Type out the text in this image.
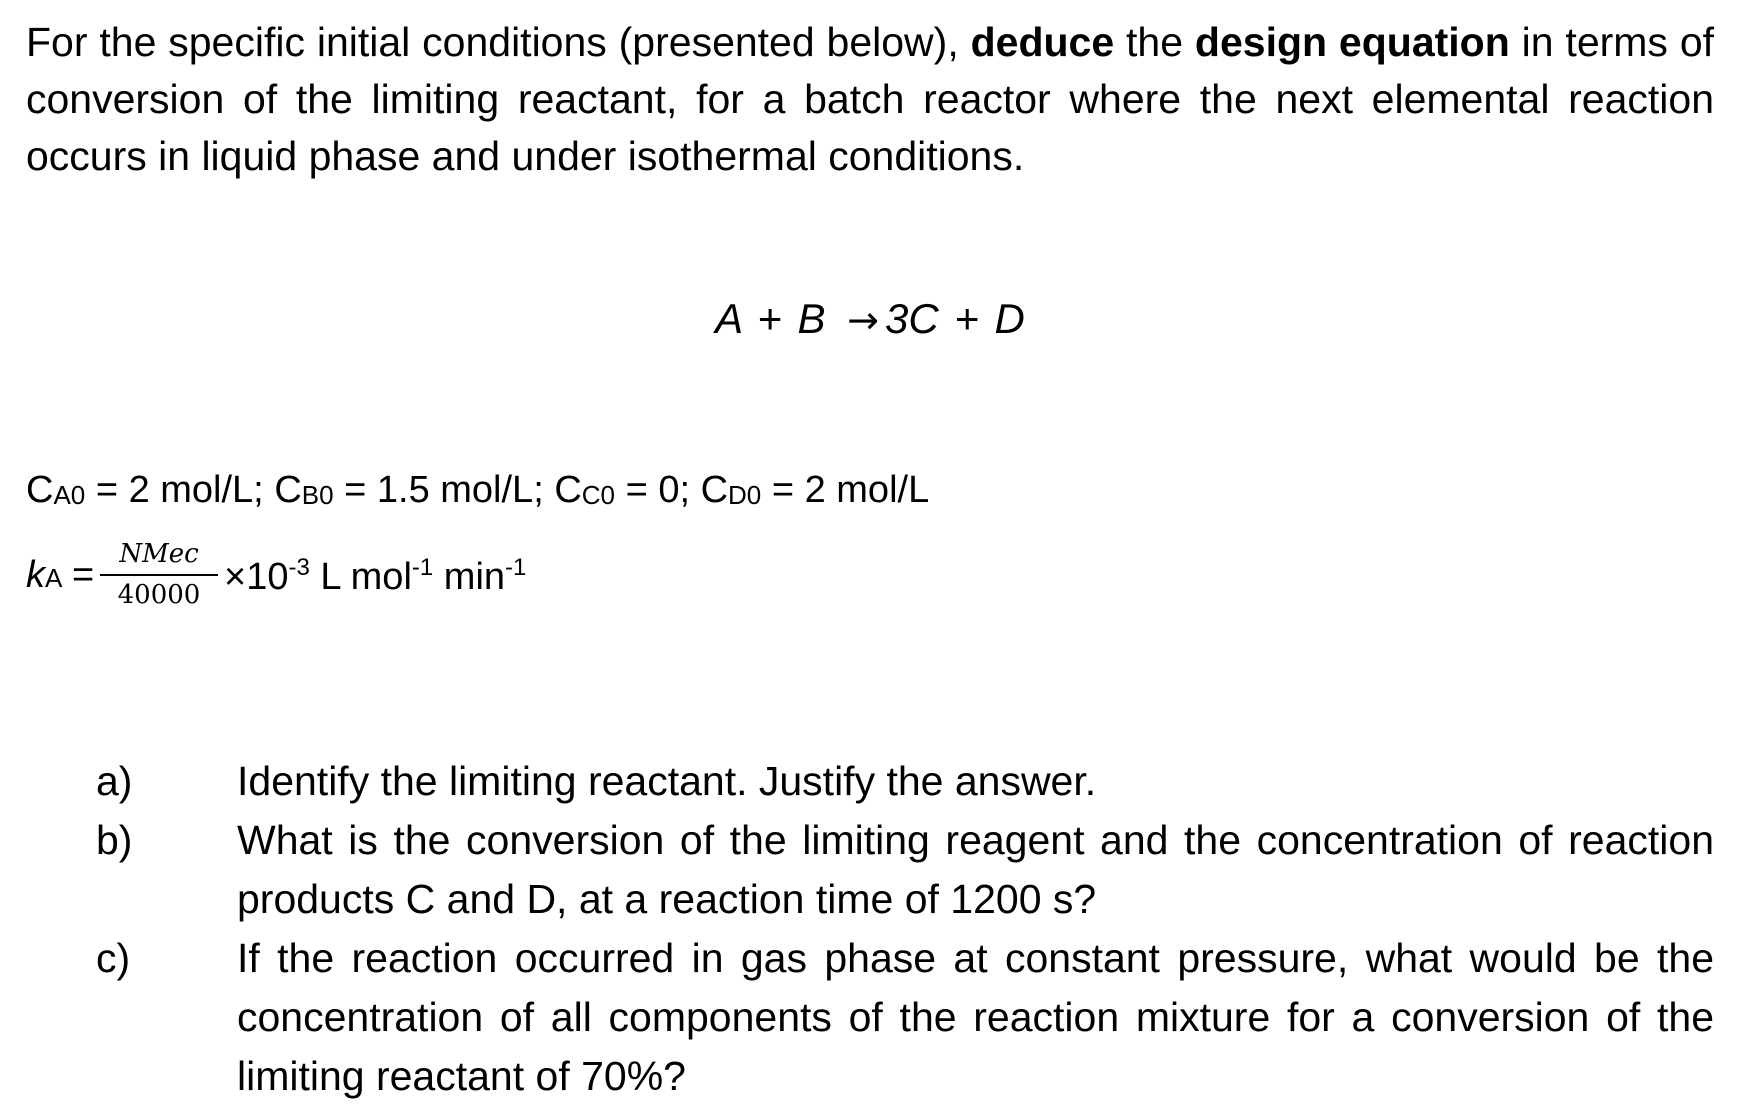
For the specific initial conditions (presented below), deduce the design equation in terms of conversion of the limiting reactant, for a batch reactor where the next elemental reaction occurs in liquid phase and under isothermal conditions.

A + B → 3C + D
CA0 = 2 mol/L; CB0 = 1.5 mol/L; CC0 = 0; CD0 = 2 mol/L
kA = NMec
$40000 \times 10^{-3}$ L mol$^{-1}$ $\min^{-1}$
a)	Identify the limiting reactant. Justify the answer.
b)	What is the conversion of the limiting reagent and the concentration of reaction products C and D, at a reaction time of 1200 s?
c)	If the reaction occurred in gas phase at constant pressure, what would be the concentration of all components of the reaction mixture for a conversion of the limiting reactant of 70%?
